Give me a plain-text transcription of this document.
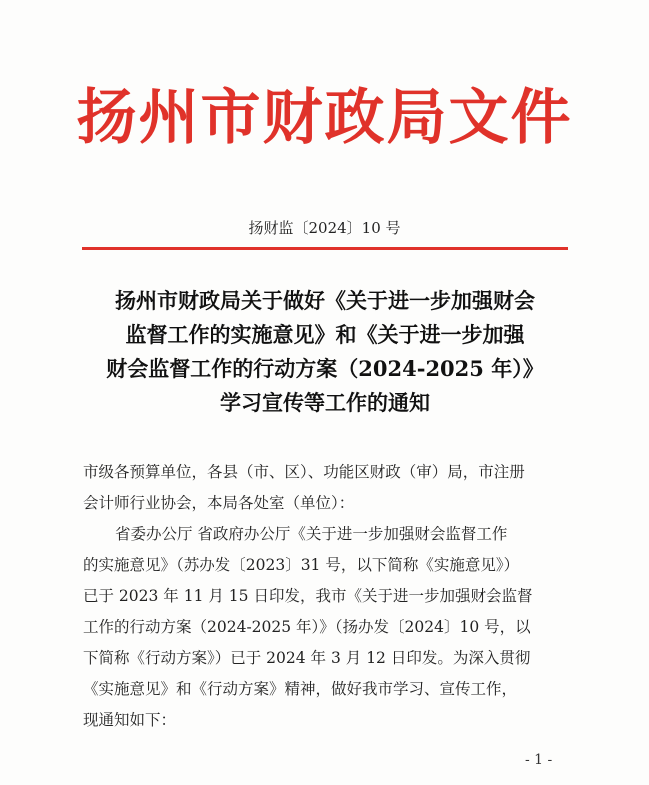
扬州市财政局文件
扬财监〔2024〕10 号
扬州市财政局关于做好《关于进一步加强财会
监督工作的实施意见》和《关于进一步加强
财会监督工作的行动方案（2024-2025 年）》
学习宣传等工作的通知
市级各预算单位，各县（市、区）、功能区财政（审）局，市注册
会计师行业协会，本局各处室（单位）：
省委办公厅 省政府办公厅《关于进一步加强财会监督工作
的实施意见》（苏办发〔2023〕31 号，以下简称《实施意见》）
已于 2023 年 11 月 15 日印发，我市《关于进一步加强财会监督
工作的行动方案（2024-2025 年）》（扬办发〔2024〕10 号，以
下简称《行动方案》）已于 2024 年 3 月 12 日印发。为深入贯彻
《实施意见》和《行动方案》精神，做好我市学习、宣传工作，
现通知如下：
- 1 -
